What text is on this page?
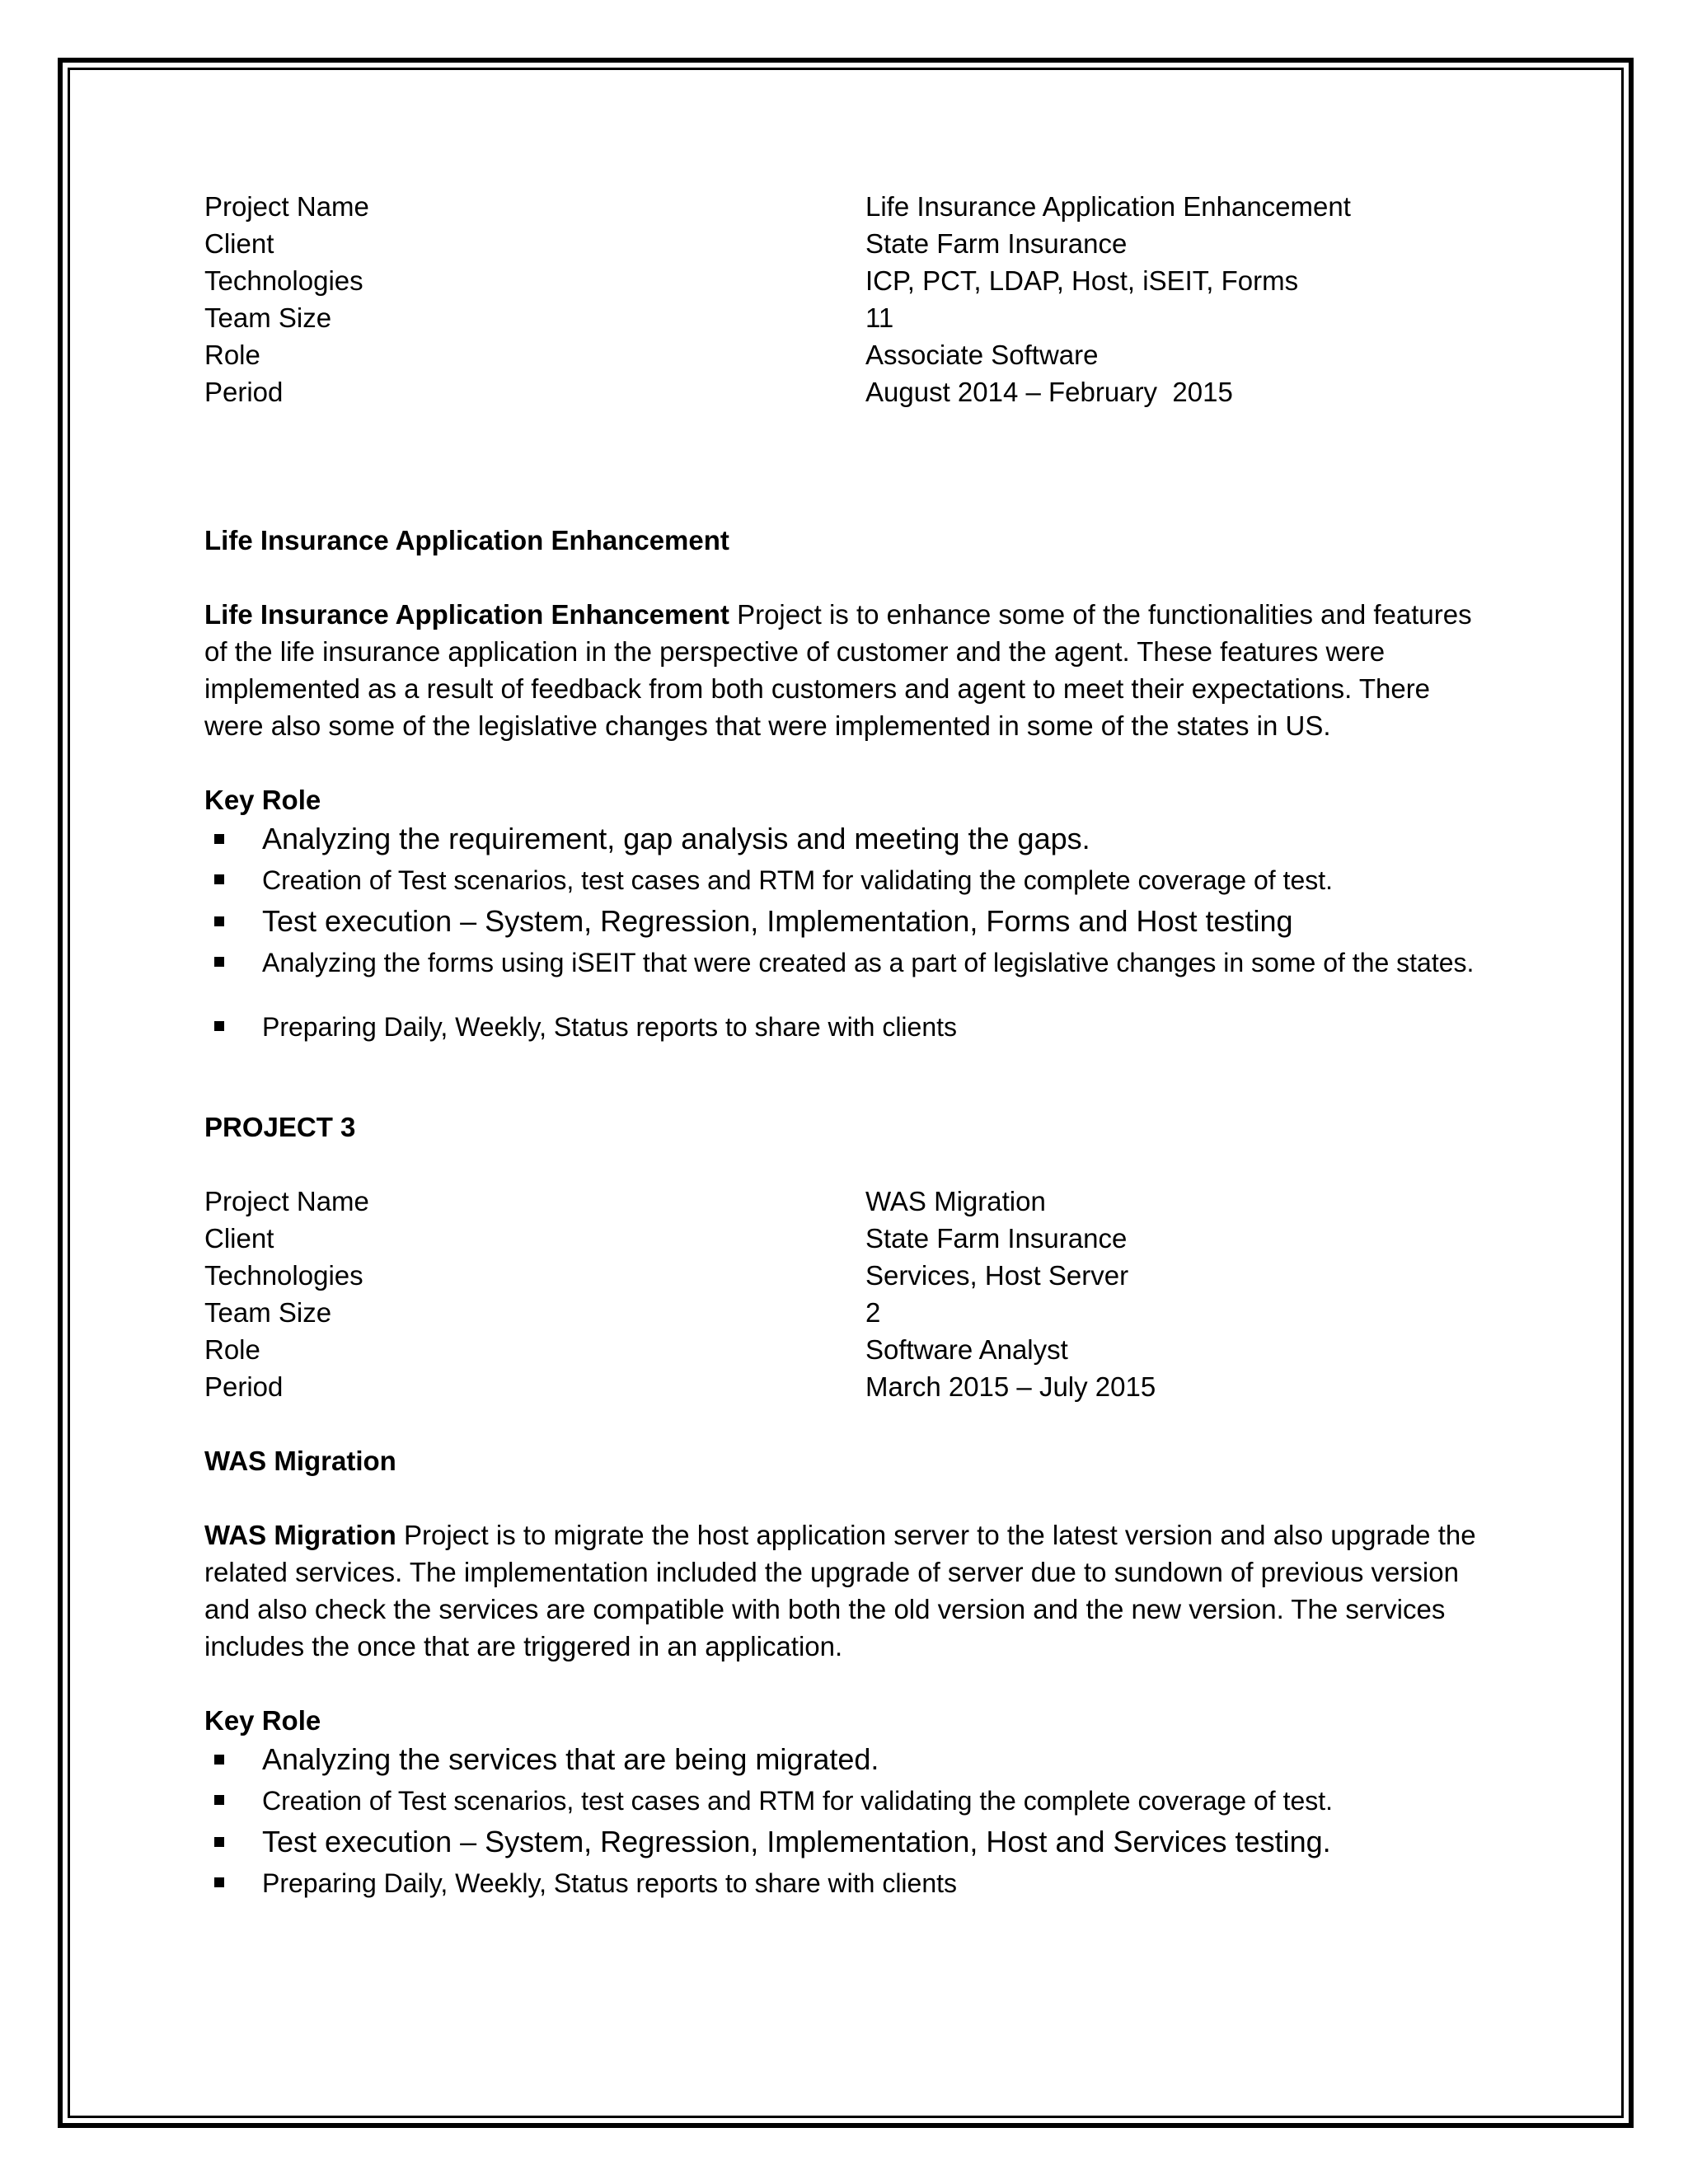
Project Name	Life Insurance Application Enhancement
Client	State Farm Insurance
Technologies	ICP, PCT, LDAP, Host, iSEIT, Forms
Team Size	11
Role	Associate Software
Period	August 2014 – February  2015
Life Insurance Application Enhancement
Life Insurance Application Enhancement Project is to enhance some of the functionalities and features of the life insurance application in the perspective of customer and the agent. These features were implemented as a result of feedback from both customers and agent to meet their expectations. There were also some of the legislative changes that were implemented in some of the states in US.
Key Role
Analyzing the requirement, gap analysis and meeting the gaps.
Creation of Test scenarios, test cases and RTM for validating the complete coverage of test.
Test execution – System, Regression, Implementation, Forms and Host testing
Analyzing the forms using iSEIT that were created as a part of legislative changes in some of the states.
Preparing Daily, Weekly, Status reports to share with clients
PROJECT 3
Project Name	WAS Migration
Client	State Farm Insurance
Technologies	Services, Host Server
Team Size	2
Role	Software Analyst
Period	March 2015 – July 2015
WAS Migration
WAS Migration Project is to migrate the host application server to the latest version and also upgrade the related services. The implementation included the upgrade of server due to sundown of previous version and also check the services are compatible with both the old version and the new version. The services includes the once that are triggered in an application.
Key Role
Analyzing the services that are being migrated.
Creation of Test scenarios, test cases and RTM for validating the complete coverage of test.
Test execution – System, Regression, Implementation, Host and Services testing.
Preparing Daily, Weekly, Status reports to share with clients
